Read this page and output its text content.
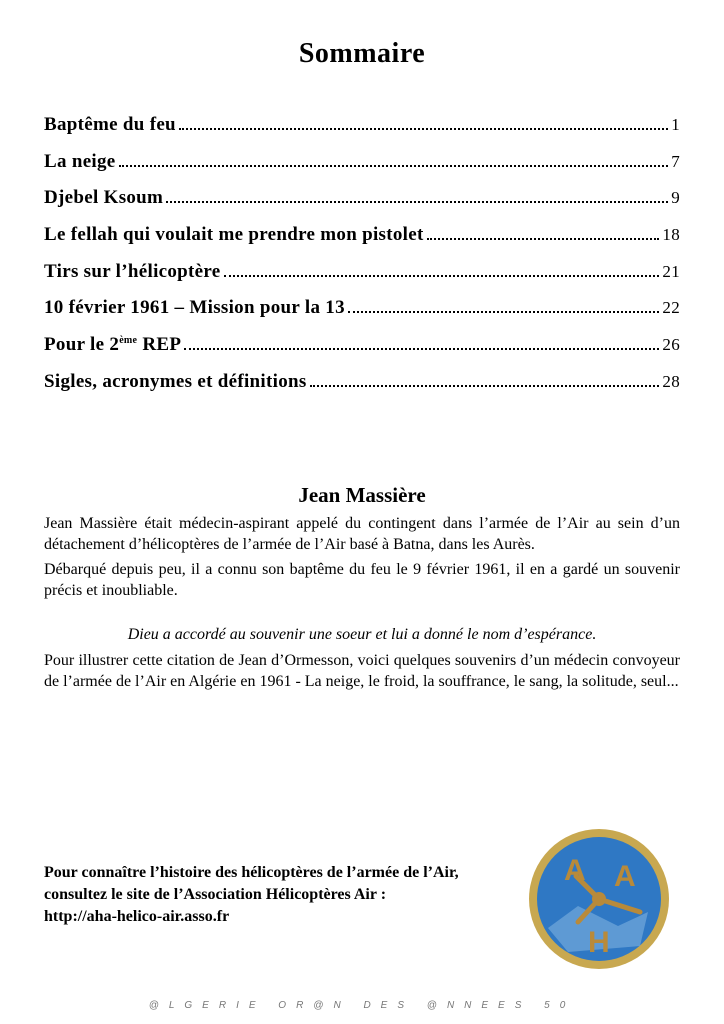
Sommaire
Baptême du feu	1
La neige	7
Djebel Ksoum	9
Le fellah qui voulait me prendre mon pistolet	18
Tirs sur l’hélicoptère	21
10 février 1961 – Mission pour la 13	22
Pour le 2ème REP	26
Sigles, acronymes et définitions	28
Jean Massière

Jean Massière était médecin-aspirant appelé du contingent dans l’armée de l’Air au sein d’un détachement d’hélicoptères de l’armée de l’Air basé à Batna, dans les Aurès.

Débarqué depuis peu, il a connu son baptême du feu le 9 février 1961, il en a gardé un souvenir précis et inoubliable.

Dieu a accordé au souvenir une soeur et lui a donné le nom d’espérance.

Pour illustrer cette citation de Jean d’Ormesson, voici quelques souvenirs d’un médecin convoyeur de l’armée de l’Air en Algérie en 1961 - La neige, le froid, la souffrance, le sang, la solitude, seul...

Pour connaître l’histoire des hélicoptères de l’armée de l’Air,
consultez le site de l’Association Hélicoptères Air :
http://aha-helico-air.asso.fr
A A
H
@LGERIE OR@N DES @NNEES 50
